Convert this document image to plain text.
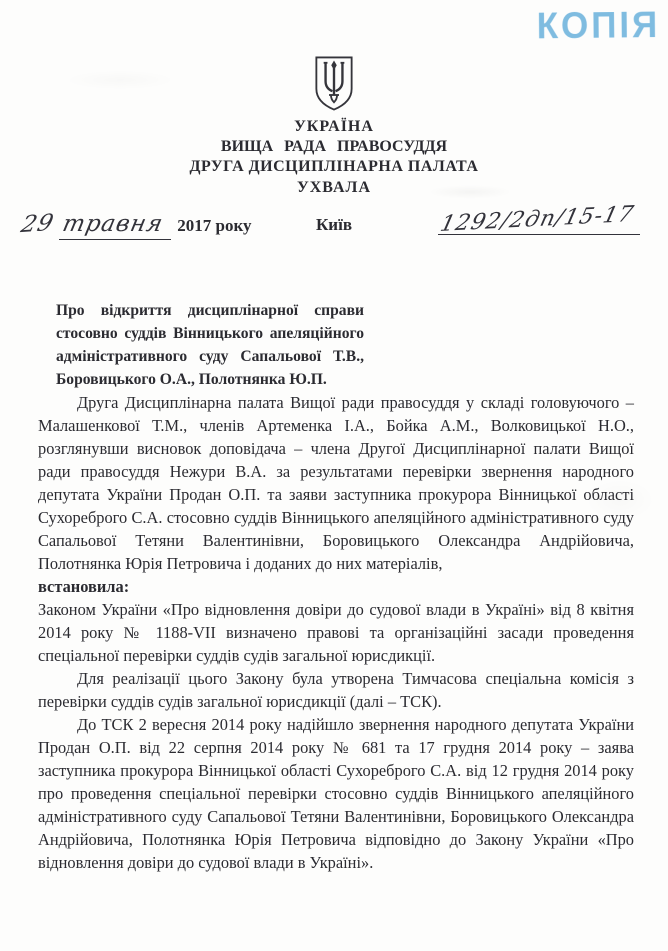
КОПІЯ
УКРАЇНА
ВИЩА РАДА ПРАВОСУДДЯ
ДРУГА ДИСЦИПЛІНАРНА ПАЛАТА
УХВАЛА
29 травня 2017 року	Київ	1292/2дп/15-17
Про відкриття дисциплінарної справи стосовно суддів Вінницького апеляційного адміністративного суду Сапальової Т.В., Боровицького О.А., Полотнянка Ю.П.

Друга Дисциплінарна палата Вищої ради правосуддя у складі головуючого – Малашенкової Т.М., членів Артеменка І.А., Бойка А.М., Волковицької Н.О., розглянувши висновок доповідача – члена Другої Дисциплінарної палати Вищої ради правосуддя Нежури В.А. за результатами перевірки звернення народного депутата України Продан О.П. та заяви заступника прокурора Вінницької області Сухореброго С.А. стосовно суддів Вінницького апеляційного адміністративного суду Сапальової Тетяни Валентинівни, Боровицького Олександра Андрійовича, Полотнянка Юрія Петровича і доданих до них матеріалів,

встановила:

Законом України «Про відновлення довіри до судової влади в Україні» від 8 квітня 2014 року № 1188-VII визначено правові та організаційні засади проведення спеціальної перевірки суддів судів загальної юрисдикції.

Для реалізації цього Закону була утворена Тимчасова спеціальна комісія з перевірки суддів судів загальної юрисдикції (далі – ТСК).

До ТСК 2 вересня 2014 року надійшло звернення народного депутата України Продан О.П. від 22 серпня 2014 року № 681 та 17 грудня 2014 року – заява заступника прокурора Вінницької області Сухореброго С.А. від 12 грудня 2014 року про проведення спеціальної перевірки стосовно суддів Вінницького апеляційного адміністративного суду Сапальової Тетяни Валентинівни, Боровицького Олександра Андрійовича, Полотнянка Юрія Петровича відповідно до Закону України «Про відновлення довіри до судової влади в Україні».
